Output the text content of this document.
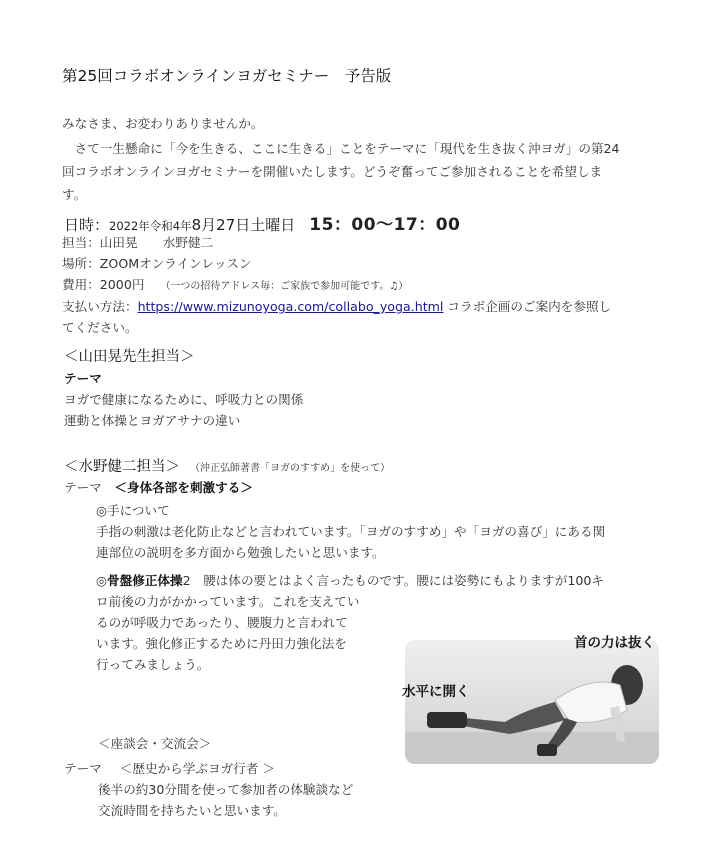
第25回コラボオンラインヨガセミナー　予告版
みなさま、お変わりありませんか。
　さて一生懸命に「今を生きる、ここに生きる」ことをテーマに「現代を生き抜く沖ヨガ」の第24
回コラボオンラインヨガセミナーを開催いたします。どうぞ奮ってご参加されることを希望しま
す。
日時：2022年令和4年8月27日土曜日 15：00〜17：00
担当：山田晃　　水野健二
場所：ZOOMオンラインレッスン
費用：2000円 （一つの招待アドレス毎：ご家族で参加可能です。♫）
支払い方法：https://www.mizunoyoga.com/collabo_yoga.html コラボ企画のご案内を参照し
てください。
＜山田晃先生担当＞
テーマ
ヨガで健康になるために、呼吸力との関係
運動と体操とヨガアサナの違い
＜水野健二担当＞ （沖正弘師著書「ヨガのすすめ」を使って）
テーマ　＜身体各部を刺激する＞
◎手について
手指の刺激は老化防止などと言われています。「ヨガのすすめ」や「ヨガの喜び」にある関
連部位の説明を多方面から勉強したいと思います。
◎骨盤修正体操2　腰は体の要とはよく言ったものです。腰には姿勢にもよりますが100キ
ロ前後の力がかかっています。これを支えてい
るのが呼吸力であったり、腰腹力と言われて
います。強化修正するために丹田力強化法を
行ってみましょう。
首の力は抜く
水平に開く
＜座談会・交流会＞
テーマ ＜歴史から学ぶヨガ行者 ＞
後半の約30分間を使って参加者の体験談など
交流時間を持ちたいと思います。
